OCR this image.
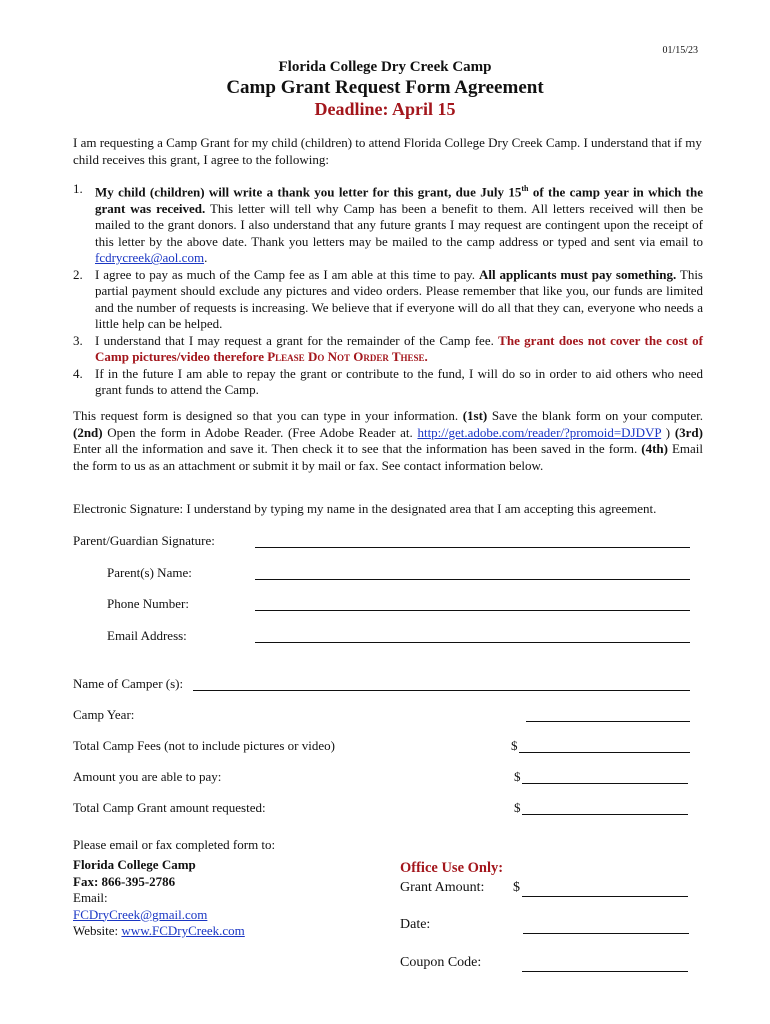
01/15/23
Florida College Dry Creek Camp
Camp Grant Request Form Agreement
Deadline: April 15
I am requesting a Camp Grant for my child (children) to attend Florida College Dry Creek Camp. I understand that if my child receives this grant, I agree to the following:
1. My child (children) will write a thank you letter for this grant, due July 15th of the camp year in which the grant was received. This letter will tell why Camp has been a benefit to them. All letters received will then be mailed to the grant donors. I also understand that any future grants I may request are contingent upon the receipt of this letter by the above date. Thank you letters may be mailed to the camp address or typed and sent via email to fcdrycreek@aol.com.
2. I agree to pay as much of the Camp fee as I am able at this time to pay. All applicants must pay something. This partial payment should exclude any pictures and video orders. Please remember that like you, our funds are limited and the number of requests is increasing. We believe that if everyone will do all that they can, everyone who needs a little help can be helped.
3. I understand that I may request a grant for the remainder of the Camp fee. The grant does not cover the cost of Camp pictures/video therefore Please Do Not Order These.
4. If in the future I am able to repay the grant or contribute to the fund, I will do so in order to aid others who need grant funds to attend the Camp.
This request form is designed so that you can type in your information. (1st) Save the blank form on your computer. (2nd) Open the form in Adobe Reader. (Free Adobe Reader at. http://get.adobe.com/reader/?promoid=DJDVP ) (3rd) Enter all the information and save it. Then check it to see that the information has been saved in the form. (4th) Email the form to us as an attachment or submit it by mail or fax. See contact information below.
Electronic Signature: I understand by typing my name in the designated area that I am accepting this agreement.
Parent/Guardian Signature:
Parent(s) Name:
Phone Number:
Email Address:
Name of Camper (s):
Camp Year:
Total Camp Fees (not to include pictures or video)	$
Amount you are able to pay:	$
Total Camp Grant amount requested:	$
Please email or fax completed form to:
Florida College Camp
Fax: 866-395-2786
Email:
FCDryCreek@gmail.com
Website: www.FCDryCreek.com
Office Use Only:
Grant Amount: $
Date:
Coupon Code:
